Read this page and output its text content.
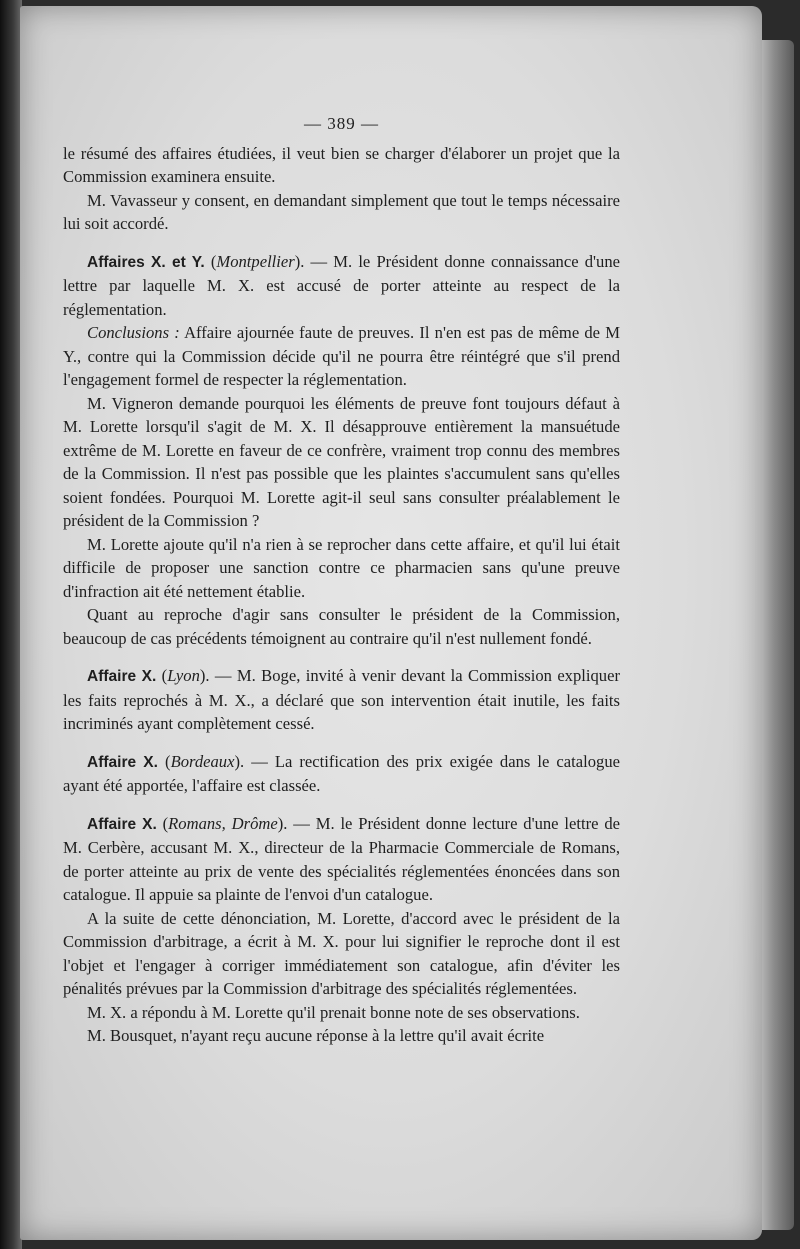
— 389 —

le résumé des affaires étudiées, il veut bien se charger d'élaborer un projet que la Commission examinera ensuite.

M. Vavasseur y consent, en demandant simplement que tout le temps nécessaire lui soit accordé.

Affaires X. et Y. (Montpellier). — M. le Président donne connaissance d'une lettre par laquelle M. X. est accusé de porter atteinte au respect de la réglementation.

Conclusions : Affaire ajournée faute de preuves. Il n'en est pas de même de M Y., contre qui la Commission décide qu'il ne pourra être réintégré que s'il prend l'engagement formel de respecter la réglementation.

M. Vigneron demande pourquoi les éléments de preuve font toujours défaut à M. Lorette lorsqu'il s'agit de M. X. Il désapprouve entièrement la mansuétude extrême de M. Lorette en faveur de ce confrère, vraiment trop connu des membres de la Commission. Il n'est pas possible que les plaintes s'accumulent sans qu'elles soient fondées. Pourquoi M. Lorette agit-il seul sans consulter préalablement le président de la Commission ?

M. Lorette ajoute qu'il n'a rien à se reprocher dans cette affaire, et qu'il lui était difficile de proposer une sanction contre ce pharmacien sans qu'une preuve d'infraction ait été nettement établie.

Quant au reproche d'agir sans consulter le président de la Commission, beaucoup de cas précédents témoignent au contraire qu'il n'est nullement fondé.

Affaire X. (Lyon). — M. Boge, invité à venir devant la Commission expliquer les faits reprochés à M. X., a déclaré que son intervention était inutile, les faits incriminés ayant complètement cessé.

Affaire X. (Bordeaux). — La rectification des prix exigée dans le catalogue ayant été apportée, l'affaire est classée.

Affaire X. (Romans, Drôme). — M. le Président donne lecture d'une lettre de M. Cerbère, accusant M. X., directeur de la Pharmacie Commerciale de Romans, de porter atteinte au prix de vente des spécialités réglementées énoncées dans son catalogue. Il appuie sa plainte de l'envoi d'un catalogue.

A la suite de cette dénonciation, M. Lorette, d'accord avec le président de la Commission d'arbitrage, a écrit à M. X. pour lui signifier le reproche dont il est l'objet et l'engager à corriger immédiatement son catalogue, afin d'éviter les pénalités prévues par la Commission d'arbitrage des spécialités réglementées.

M. X. a répondu à M. Lorette qu'il prenait bonne note de ses observations.

M. Bousquet, n'ayant reçu aucune réponse à la lettre qu'il avait écrite
